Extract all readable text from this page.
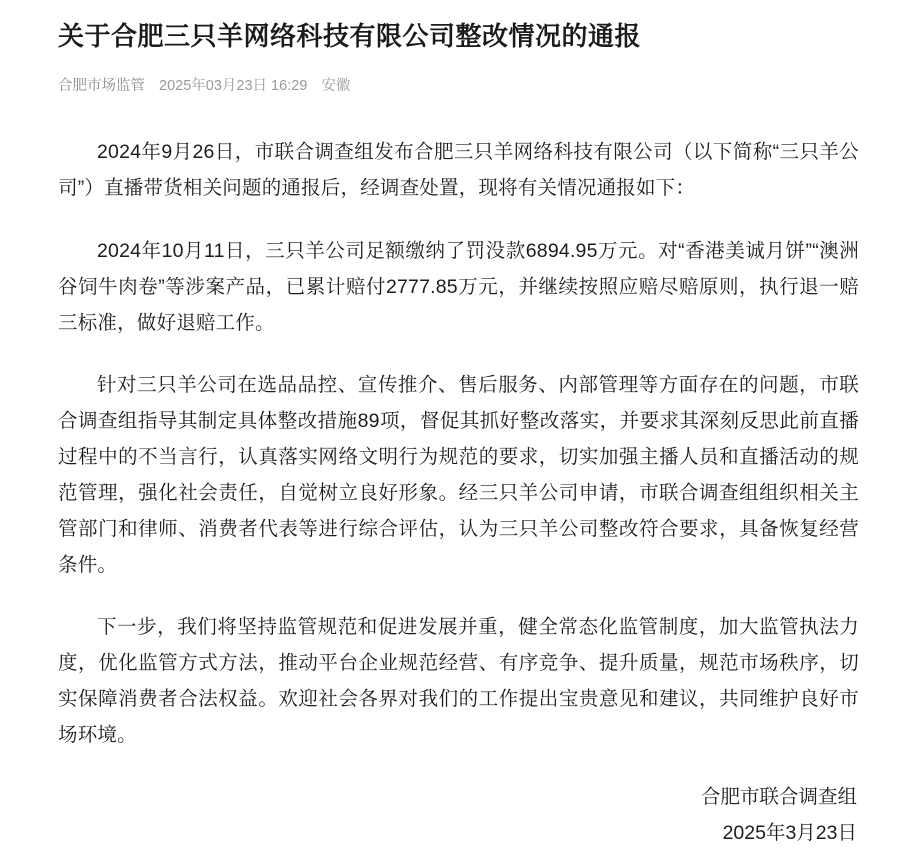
关于合肥三只羊网络科技有限公司整改情况的通报
合肥市场监管 2025年03月23日 16:29 安徽

2024年9月26日，市联合调查组发布合肥三只羊网络科技有限公司（以下简称“三只羊公司”）直播带货相关问题的通报后，经调查处置，现将有关情况通报如下：

2024年10月11日，三只羊公司足额缴纳了罚没款6894.95万元。对“香港美诚月饼”“澳洲谷饲牛肉卷”等涉案产品，已累计赔付2777.85万元，并继续按照应赔尽赔原则，执行退一赔三标准，做好退赔工作。

针对三只羊公司在选品品控、宣传推介、售后服务、内部管理等方面存在的问题，市联合调查组指导其制定具体整改措施89项，督促其抓好整改落实，并要求其深刻反思此前直播过程中的不当言行，认真落实网络文明行为规范的要求，切实加强主播人员和直播活动的规范管理，强化社会责任，自觉树立良好形象。经三只羊公司申请，市联合调查组组织相关主管部门和律师、消费者代表等进行综合评估，认为三只羊公司整改符合要求，具备恢复经营条件。

下一步，我们将坚持监管规范和促进发展并重，健全常态化监管制度，加大监管执法力度，优化监管方式方法，推动平台企业规范经营、有序竞争、提升质量，规范市场秩序，切实保障消费者合法权益。欢迎社会各界对我们的工作提出宝贵意见和建议，共同维护良好市场环境。

合肥市联合调查组
2025年3月23日
